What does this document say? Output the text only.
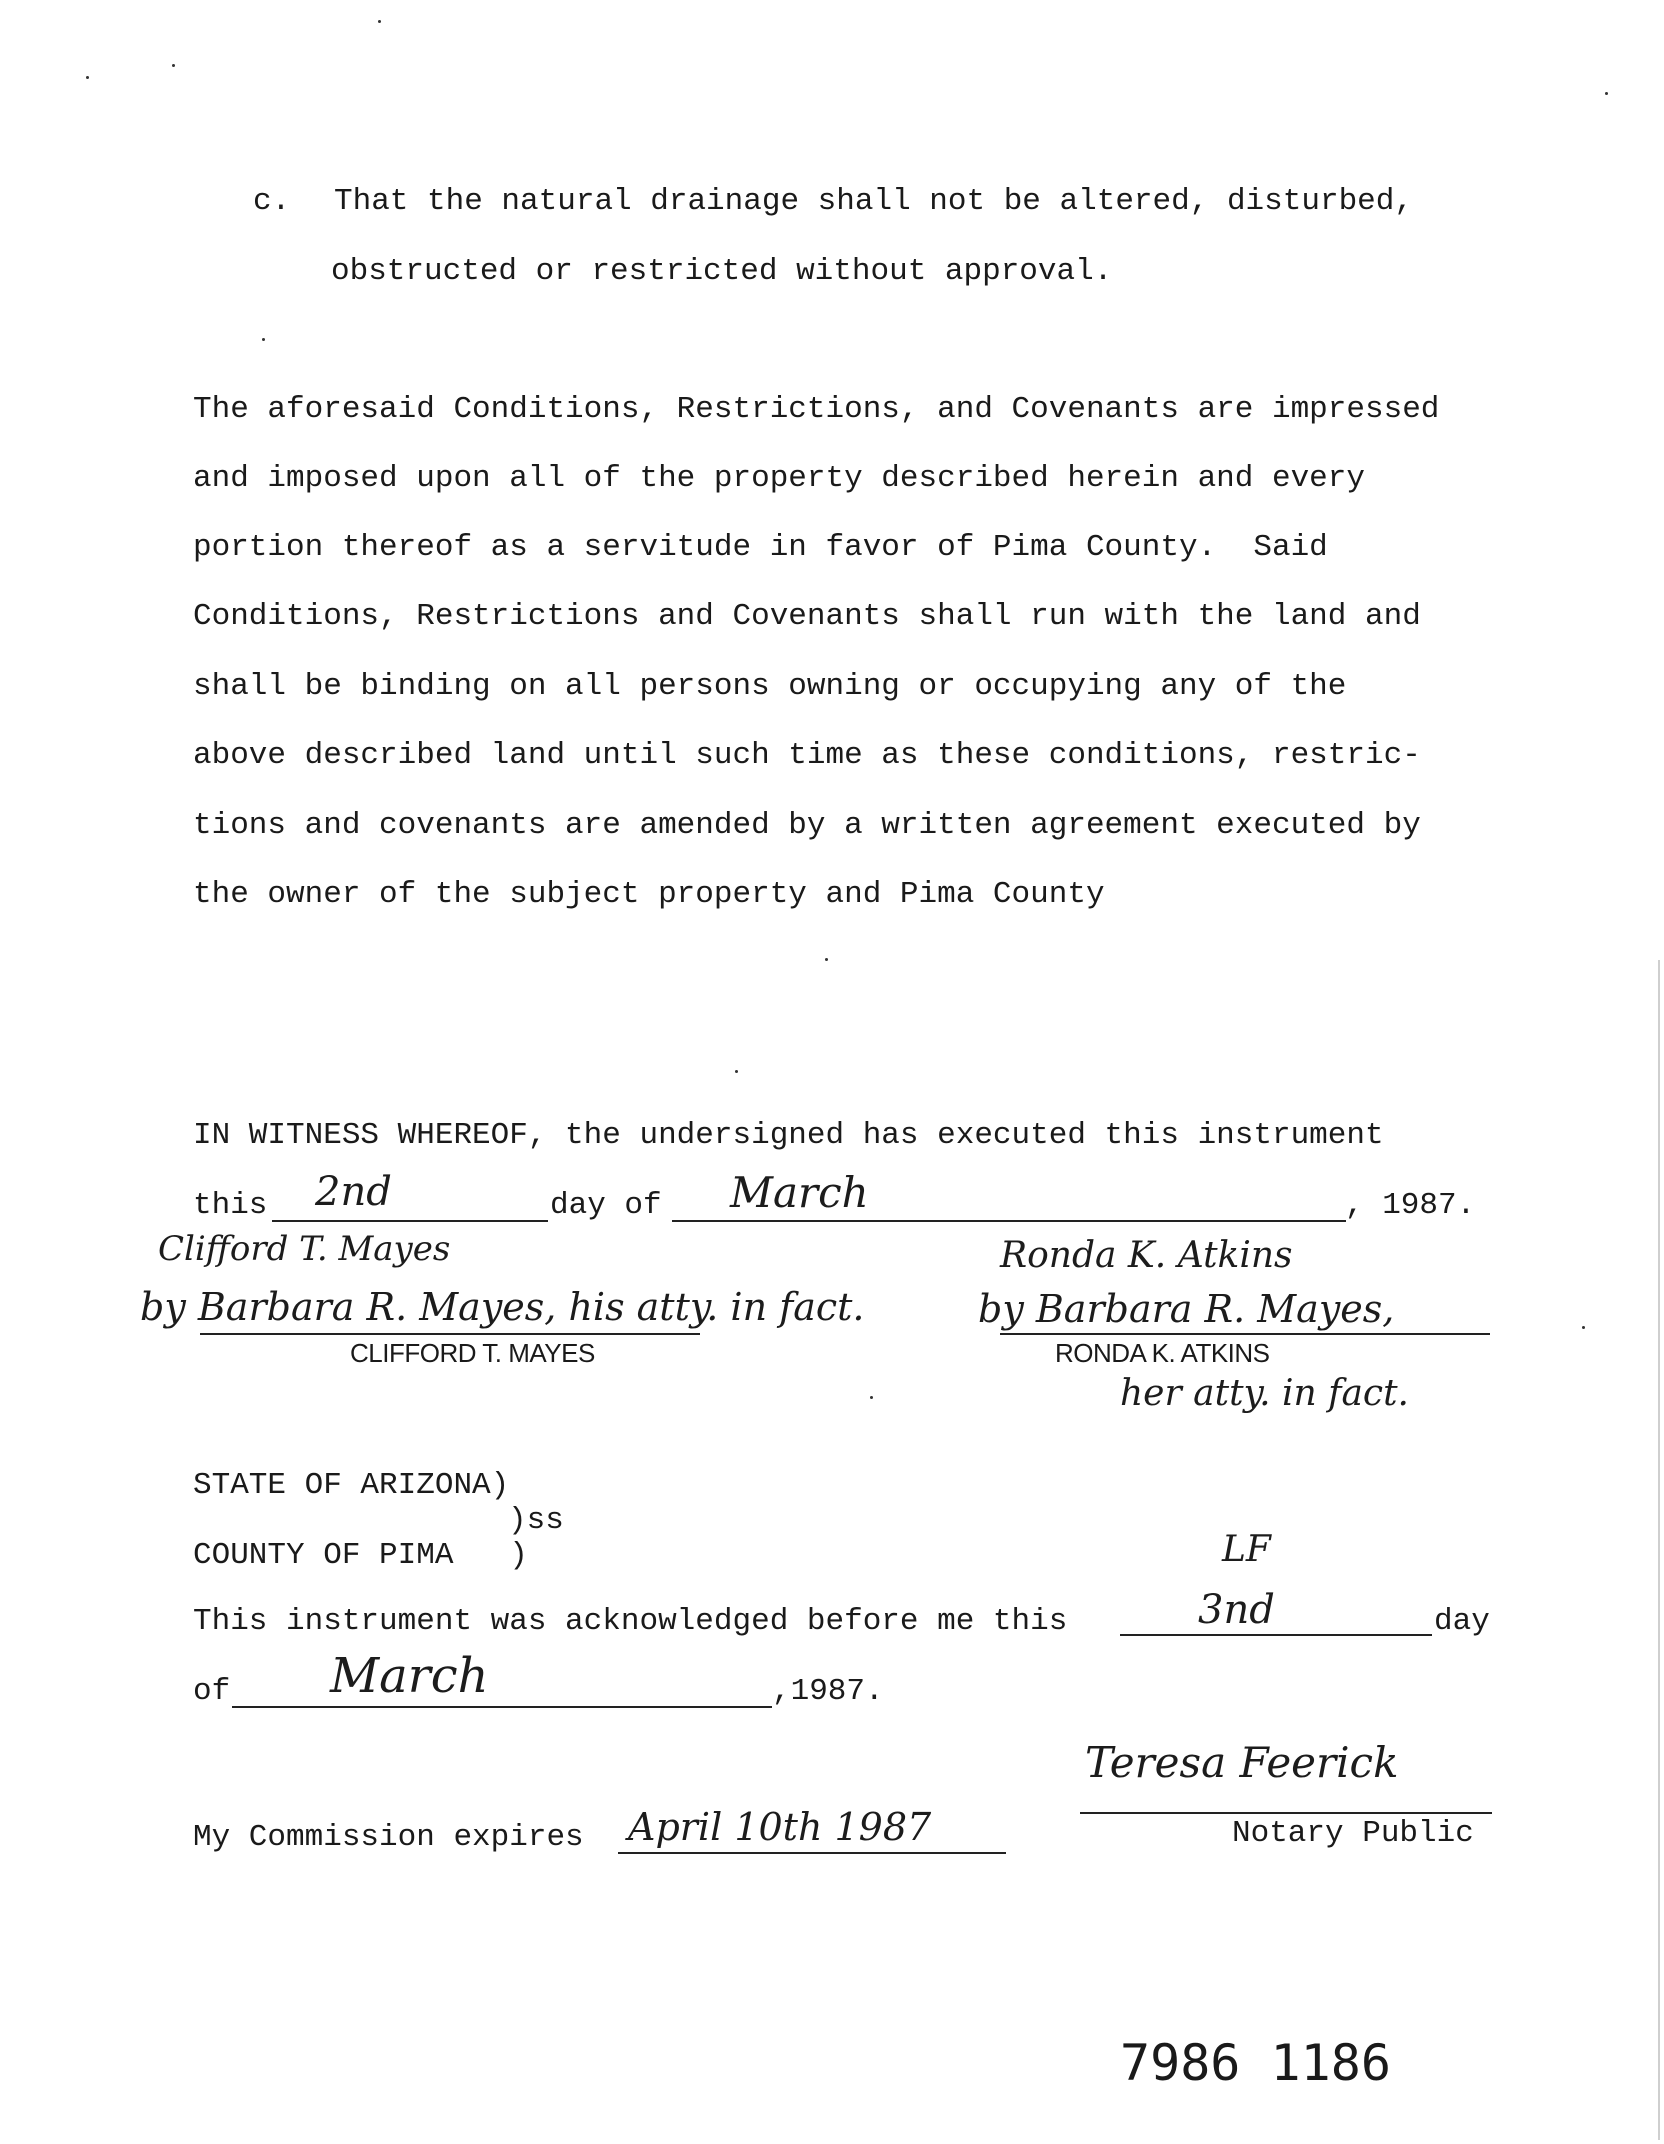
c. That the natural drainage shall not be altered, disturbed,
obstructed or restricted without approval.
The aforesaid Conditions, Restrictions, and Covenants are impressed
and imposed upon all of the property described herein and every
portion thereof as a servitude in favor of Pima County.  Said
Conditions, Restrictions and Covenants shall run with the land and
shall be binding on all persons owning or occupying any of the
above described land until such time as these conditions, restric-
tions and covenants are amended by a written agreement executed by
the owner of the subject property and Pima County
IN WITNESS WHEREOF, the undersigned has executed this instrument
this 2nd	day of March	, 1987.
Clifford T. Mayes
by Barbara R. Mayes, his atty. in fact.
CLIFFORD T. MAYES
Ronda K. Atkins
by Barbara R. Mayes,
RONDA K. ATKINS
her atty. in fact.
STATE OF ARIZONA)
)ss
COUNTY OF PIMA   )	LF
This instrument was acknowledged before me this	3nd	day
of March	,1987.
Teresa Feerick
Notary Public
My Commission expires April 10th 1987
7986 1186
